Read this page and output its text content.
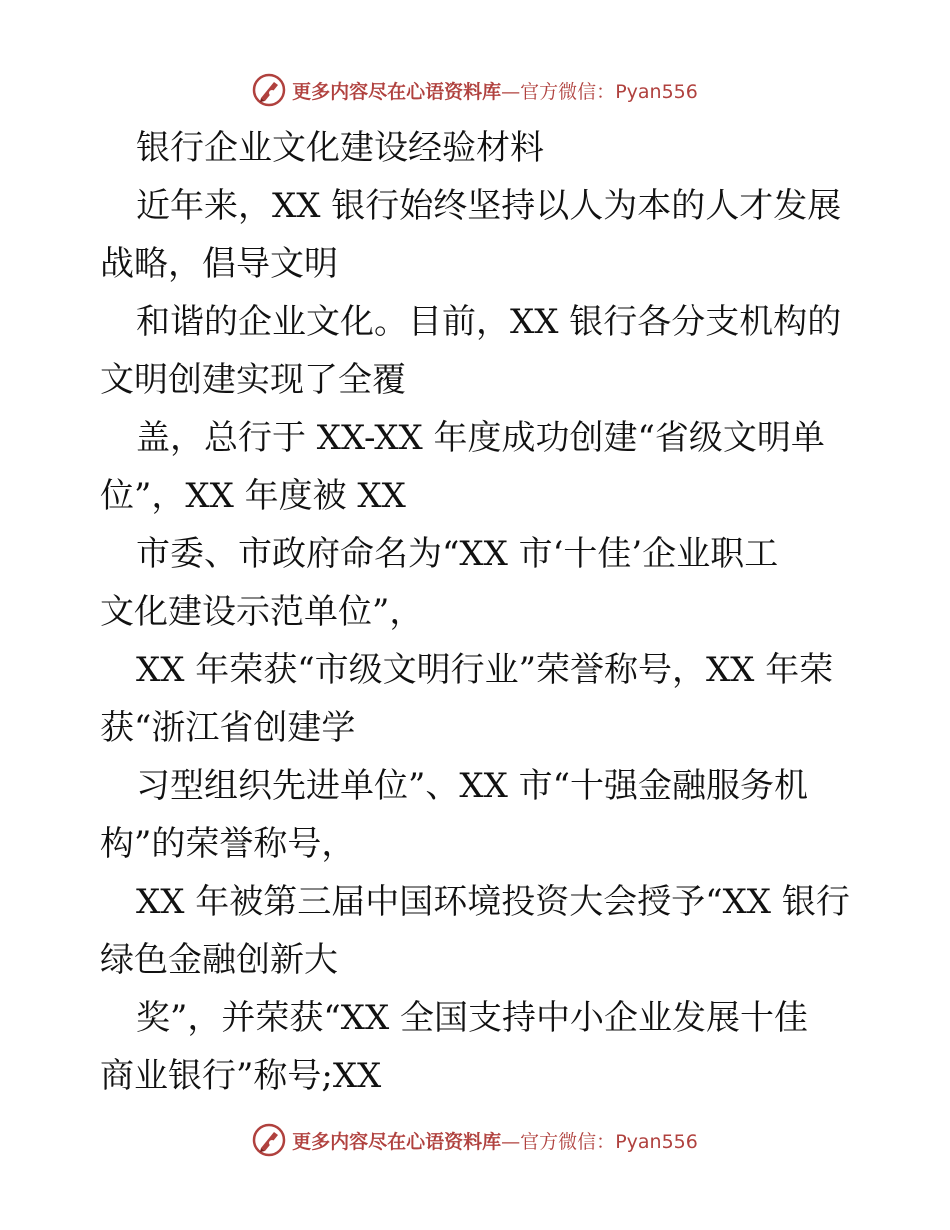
更多内容尽在心语资料库—官方微信：Pyan556
银行企业文化建设经验材料
近年来，XX 银行始终坚持以人为本的人才发展
战略，倡导文明
和谐的企业文化。目前，XX 银行各分支机构的
文明创建实现了全覆
盖，总行于 XX-XX 年度成功创建“省级文明单
位”，XX 年度被 XX
市委、市政府命名为“XX 市‘十佳’企业职工
文化建设示范单位”，
XX 年荣获“市级文明行业”荣誉称号，XX 年荣
获“浙江省创建学
习型组织先进单位”、XX 市“十强金融服务机
构”的荣誉称号，
XX 年被第三届中国环境投资大会授予“XX 银行
绿色金融创新大
奖”，并荣获“XX 全国支持中小企业发展十佳
商业银行”称号;XX
更多内容尽在心语资料库—官方微信：Pyan556
